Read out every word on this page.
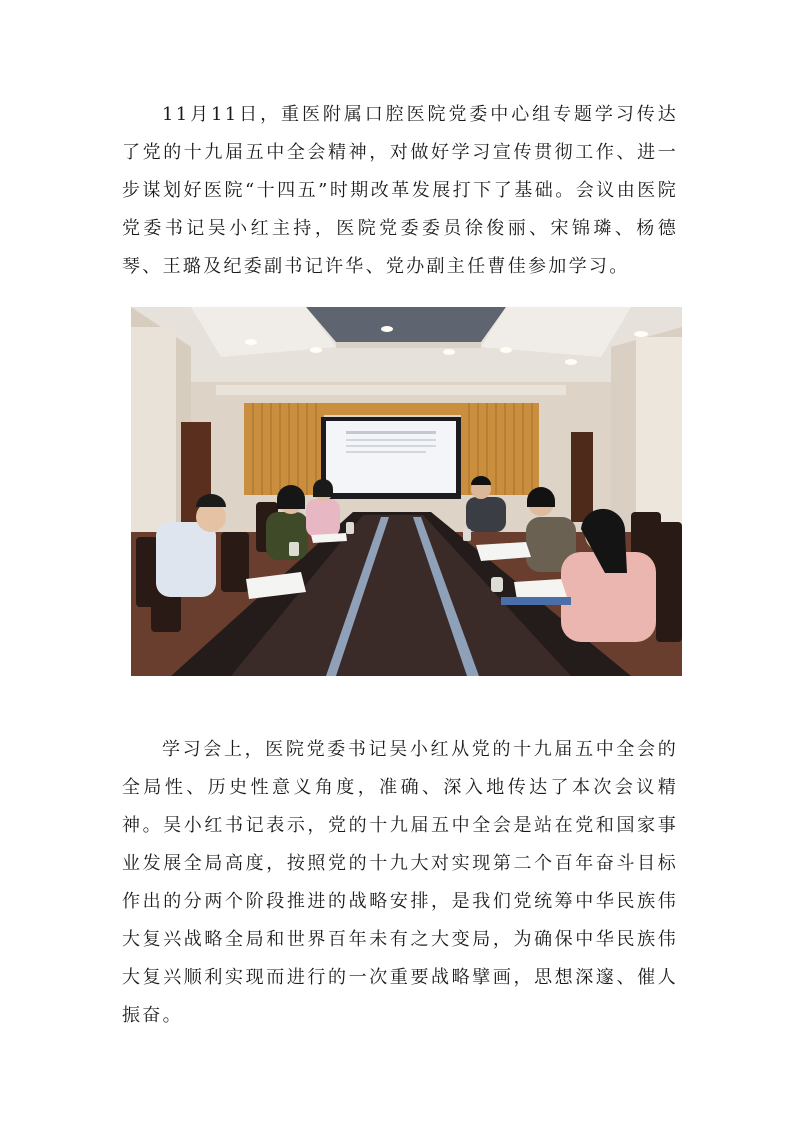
11月11日，重医附属口腔医院党委中心组专题学习传达了党的十九届五中全会精神，对做好学习宣传贯彻工作、进一步谋划好医院“十四五”时期改革发展打下了基础。会议由医院党委书记吴小红主持，医院党委委员徐俊丽、宋锦璘、杨德琴、王璐及纪委副书记许华、党办副主任曹佳参加学习。

学习会上，医院党委书记吴小红从党的十九届五中全会的全局性、历史性意义角度，准确、深入地传达了本次会议精神。吴小红书记表示，党的十九届五中全会是站在党和国家事业发展全局高度，按照党的十九大对实现第二个百年奋斗目标作出的分两个阶段推进的战略安排，是我们党统筹中华民族伟大复兴战略全局和世界百年未有之大变局，为确保中华民族伟大复兴顺利实现而进行的一次重要战略擘画，思想深邃、催人振奋。
